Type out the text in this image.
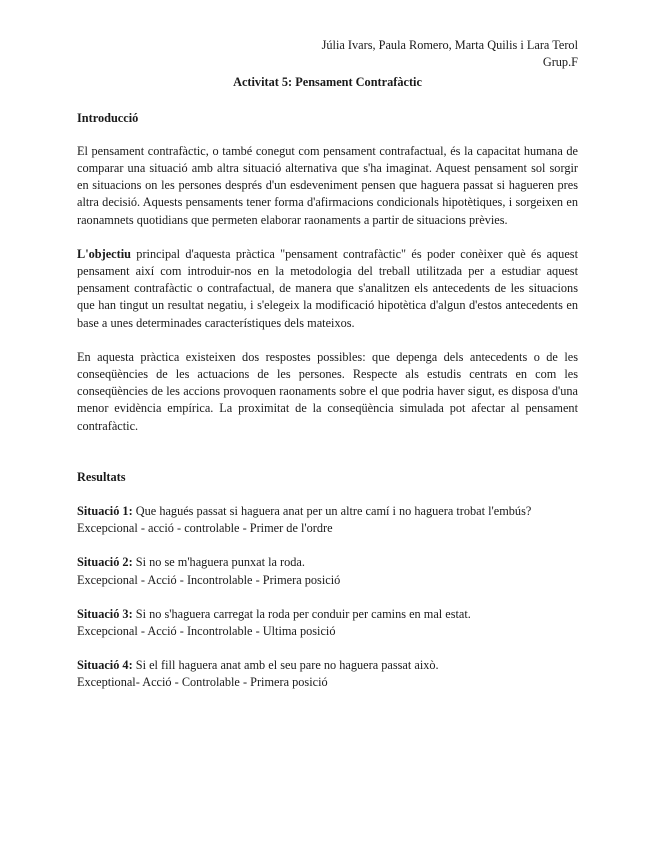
Júlia Ivars, Paula Romero, Marta Quilis i Lara Terol
Grup.F
Activitat 5: Pensament Contrafàctic
Introducció

El pensament contrafàctic, o també conegut com pensament contrafactual, és la capacitat humana de comparar una situació amb altra situació alternativa que s'ha imaginat. Aquest pensament sol sorgir en situacions on les persones després d'un esdeveniment pensen que haguera passat si hagueren pres altra decisió. Aquests pensaments tener forma d'afirmacions condicionals hipotètiques, i sorgeixen en raonamnets quotidians que permeten elaborar raonaments a partir de situacions prèvies.

L'objectiu principal d'aquesta pràctica "pensament contrafàctic" és poder conèixer què és aquest pensament així com introduir-nos en la metodologia del treball utilitzada per a estudiar aquest pensament contrafàctic o contrafactual, de manera que s'analitzen els antecedents de les situacions que han tingut un resultat negatiu, i s'elegeix la modificació hipotètica d'algun d'estos antecedents en base a unes determinades característiques dels mateixos.

En aquesta pràctica existeixen dos respostes possibles: que depenga dels antecedents o de les conseqüències de les actuacions de les persones. Respecte als estudis centrats en com les conseqüències de les accions provoquen raonaments sobre el que podria haver sigut, es disposa d'una menor evidència empírica. La proximitat de la conseqüència simulada pot afectar al pensament contrafàctic.

Resultats
Situació 1: Que hagués passat si haguera anat per un altre camí i no haguera trobat l'embús?
Excepcional - acció - controlable - Primer de l'ordre
Situació 2: Si no se m'haguera punxat la roda.
Excepcional - Acció - Incontrolable - Primera posició
Situació 3: Si no s'haguera carregat la roda per conduir per camins en mal estat.
Excepcional - Acció - Incontrolable - Ultima posició
Situació 4: Si el fill haguera anat amb el seu pare no haguera passat això.
Exceptional- Acció - Controlable - Primera posició
